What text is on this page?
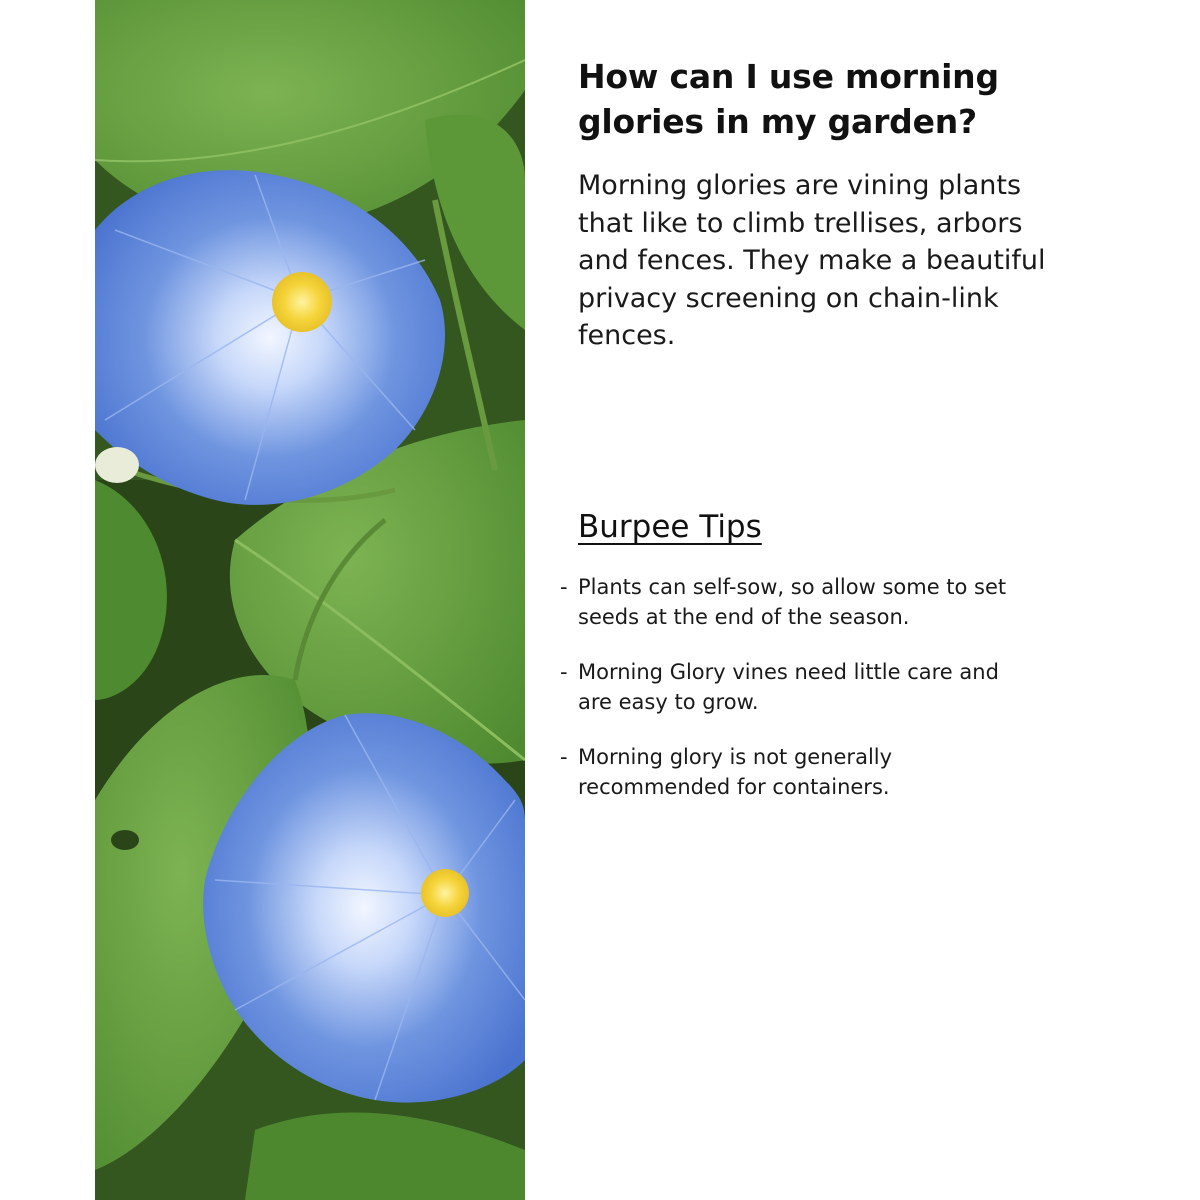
How can I use morning glories in my garden?

Morning glories are vining plants that like to climb trellises, arbors and fences. They make a beautiful privacy screening on chain-link fences.

Burpee Tips
- Plants can self-sow, so allow some to set seeds at the end of the season.
- Morning Glory vines need little care and are easy to grow.
- Morning glory is not generally recommended for containers.
